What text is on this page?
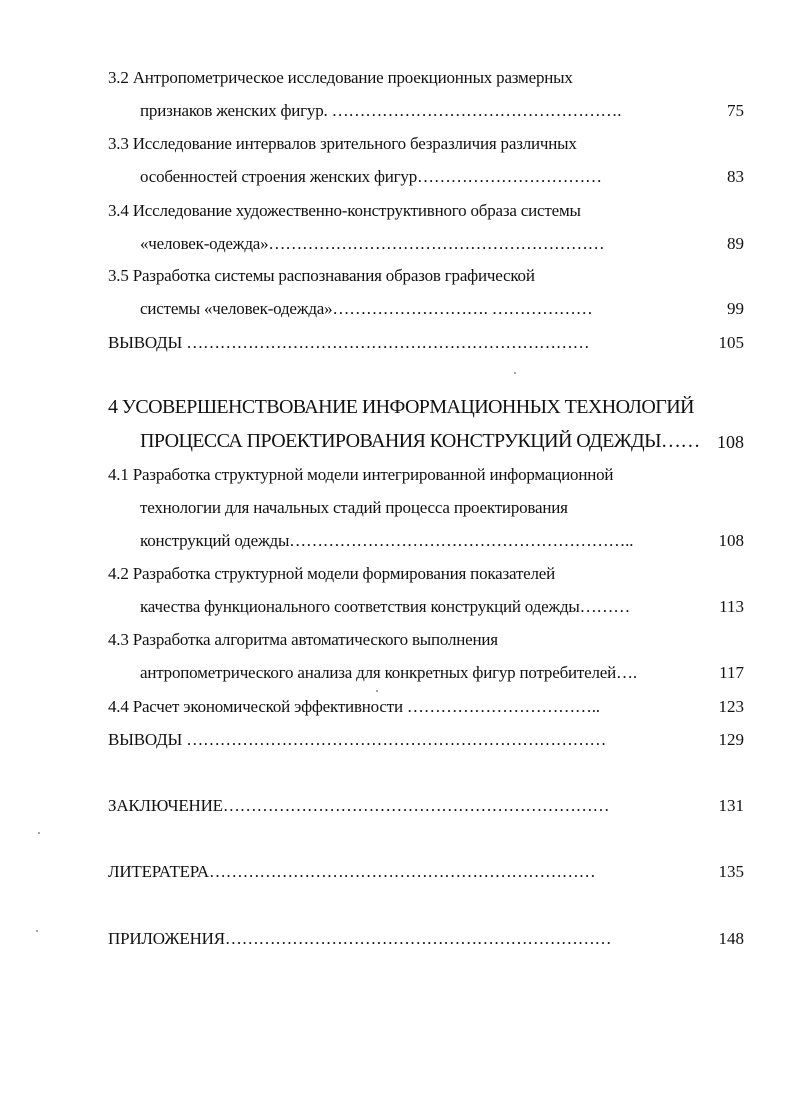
3.2 Антропометрическое исследование проекционных размерных
признаков женских фигур. …………………………………………….	75
3.3 Исследование интервалов зрительного безразличия различных
особенностей строения женских фигур……………………………	83
3.4 Исследование художественно-конструктивного образа системы
«человек-одежда»……………………………………………………	89
3.5 Разработка системы распознавания образов графической
системы «человек-одежда»………………………. ………………	99
ВЫВОДЫ ………………………………………………………………	105
4 УСОВЕРШЕНСТВОВАНИЕ ИНФОРМАЦИОННЫХ ТЕХНОЛОГИЙ
ПРОЦЕССА ПРОЕКТИРОВАНИЯ КОНСТРУКЦИЙ ОДЕЖДЫ…… 108
4.1 Разработка структурной модели интегрированной информационной
технологии для начальных стадий процесса проектирования
конструкций одежды……………………………………………………..	108
4.2 Разработка структурной модели формирования показателей
качества функционального соответствия конструкций одежды………	113
4.3 Разработка алгоритма автоматического выполнения
антропометрического анализа для конкретных фигур потребителей….	117
4.4 Расчет экономической эффективности ……………………………..	123
ВЫВОДЫ …………………………………………………………………	129
ЗАКЛЮЧЕНИЕ……………………………………………………………	131
ЛИТЕРАТЕРА……………………………………………………………	135
ПРИЛОЖЕНИЯ……………………………………………………………	148
